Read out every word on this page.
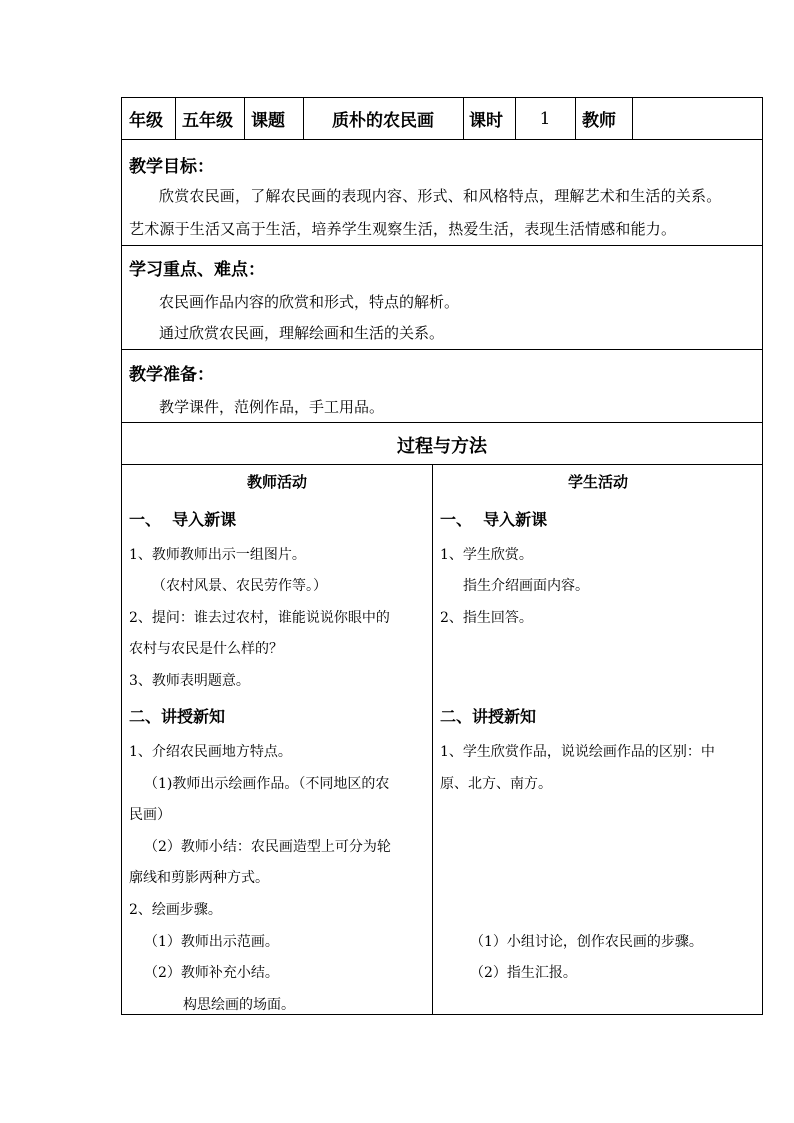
年级 五年级 课题	质朴的农民画	课时	1	教师
教学目标：
欣赏农民画，了解农民画的表现内容、形式、和风格特点，理解艺术和生活的关系。
艺术源于生活又高于生活，培养学生观察生活，热爱生活，表现生活情感和能力。
学习重点、难点：
农民画作品内容的欣赏和形式，特点的解析。
通过欣赏农民画，理解绘画和生活的关系。
教学准备：
教学课件，范例作品，手工用品。
过程与方法
教师活动	学生活动
一、  导入新课
1、教师教师出示一组图片。
（农村风景、农民劳作等。）
2、提问：谁去过农村，谁能说说你眼中的
农村与农民是什么样的？
3、教师表明题意。
二、讲授新知
1、介绍农民画地方特点。
（1)教师出示绘画作品。（不同地区的农
民画）
（2）教师小结：农民画造型上可分为轮
廓线和剪影两种方式。
2、绘画步骤。
（1）教师出示范画。
（2）教师补充小结。
构思绘画的场面。
一、  导入新课
1、学生欣赏。
指生介绍画面内容。
2、指生回答。
二、讲授新知
1、学生欣赏作品，说说绘画作品的区别：中
原、北方、南方。
（1）小组讨论，创作农民画的步骤。
（2）指生汇报。
